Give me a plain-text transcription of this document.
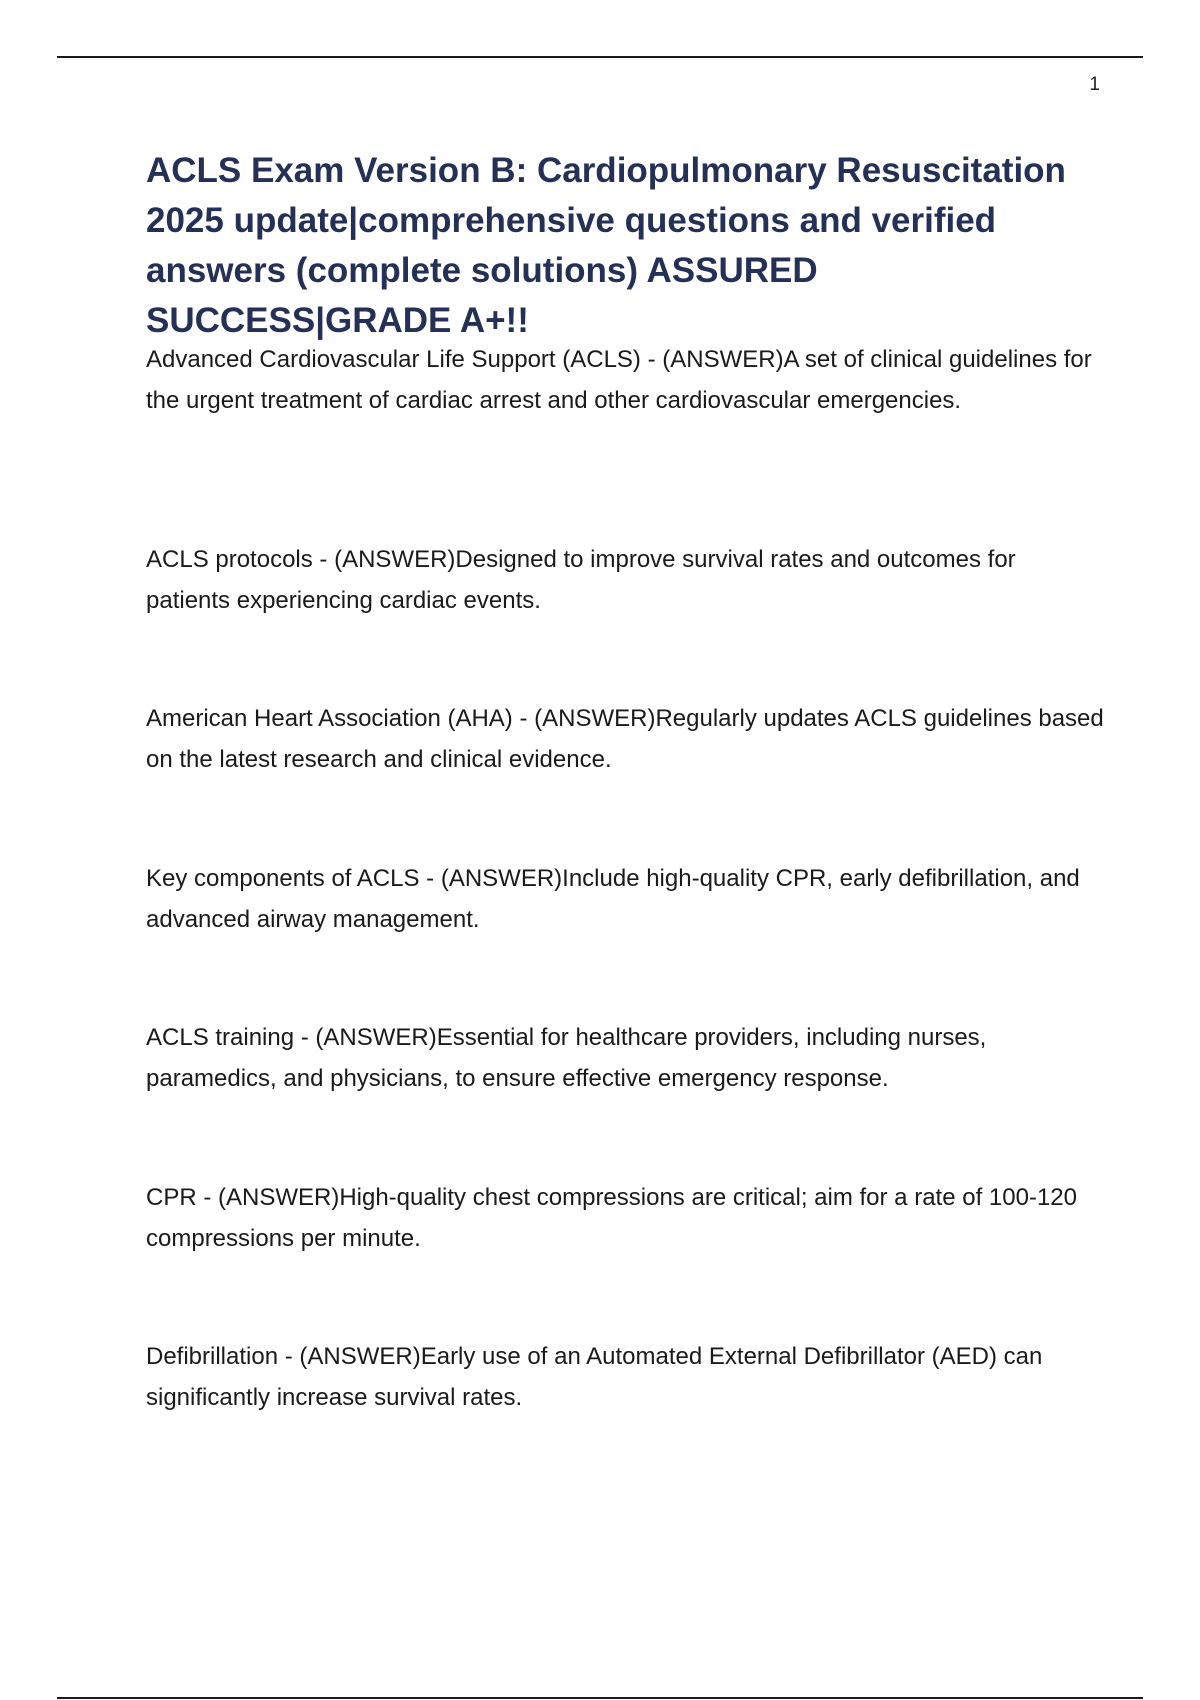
1
ACLS Exam Version B: Cardiopulmonary Resuscitation 2025 update|comprehensive questions and verified answers (complete solutions) ASSURED SUCCESS|GRADE A+!!

Advanced Cardiovascular Life Support (ACLS) - (ANSWER)A set of clinical guidelines for the urgent treatment of cardiac arrest and other cardiovascular emergencies.

ACLS protocols - (ANSWER)Designed to improve survival rates and outcomes for patients experiencing cardiac events.

American Heart Association (AHA) - (ANSWER)Regularly updates ACLS guidelines based on the latest research and clinical evidence.

Key components of ACLS - (ANSWER)Include high-quality CPR, early defibrillation, and advanced airway management.

ACLS training - (ANSWER)Essential for healthcare providers, including nurses, paramedics, and physicians, to ensure effective emergency response.

CPR - (ANSWER)High-quality chest compressions are critical; aim for a rate of 100-120 compressions per minute.

Defibrillation - (ANSWER)Early use of an Automated External Defibrillator (AED) can significantly increase survival rates.
